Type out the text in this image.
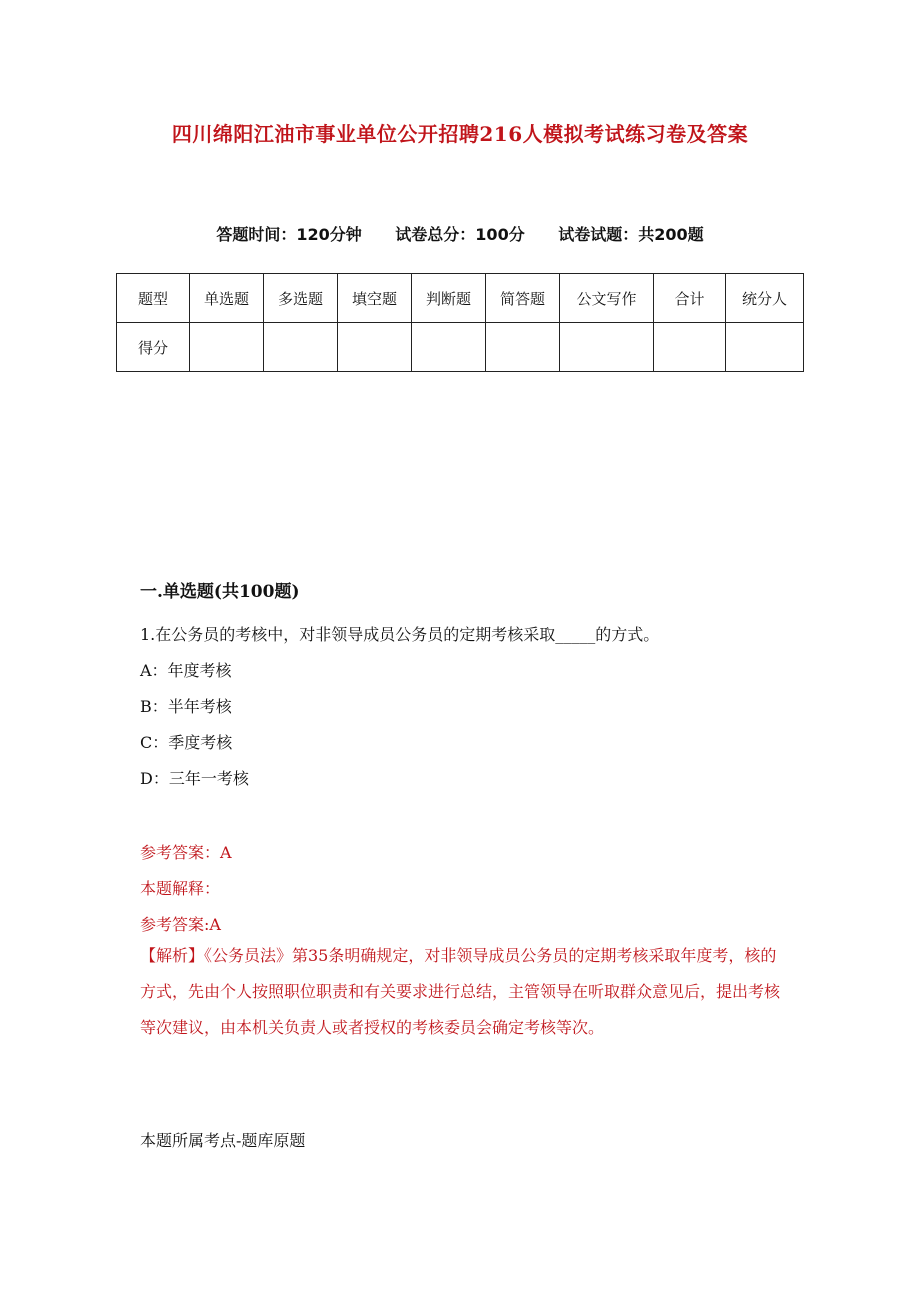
四川绵阳江油市事业单位公开招聘216人模拟考试练习卷及答案
答题时间：120分钟 试卷总分：100分 试卷试题：共200题
题型	单选题	多选题	填空题	判断题	简答题	公文写作	合计	统分人
得分								
一.单选题(共100题)
1.在公务员的考核中，对非领导成员公务员的定期考核采取_____的方式。
A：年度考核
B：半年考核
C：季度考核
D：三年一考核
参考答案：A
本题解释：
参考答案:A
【解析】《公务员法》第35条明确规定，对非领导成员公务员的定期考核采取年度考，核的方式，先由个人按照职位职责和有关要求进行总结，主管领导在听取群众意见后，提出考核等次建议，由本机关负责人或者授权的考核委员会确定考核等次。
本题所属考点-题库原题
